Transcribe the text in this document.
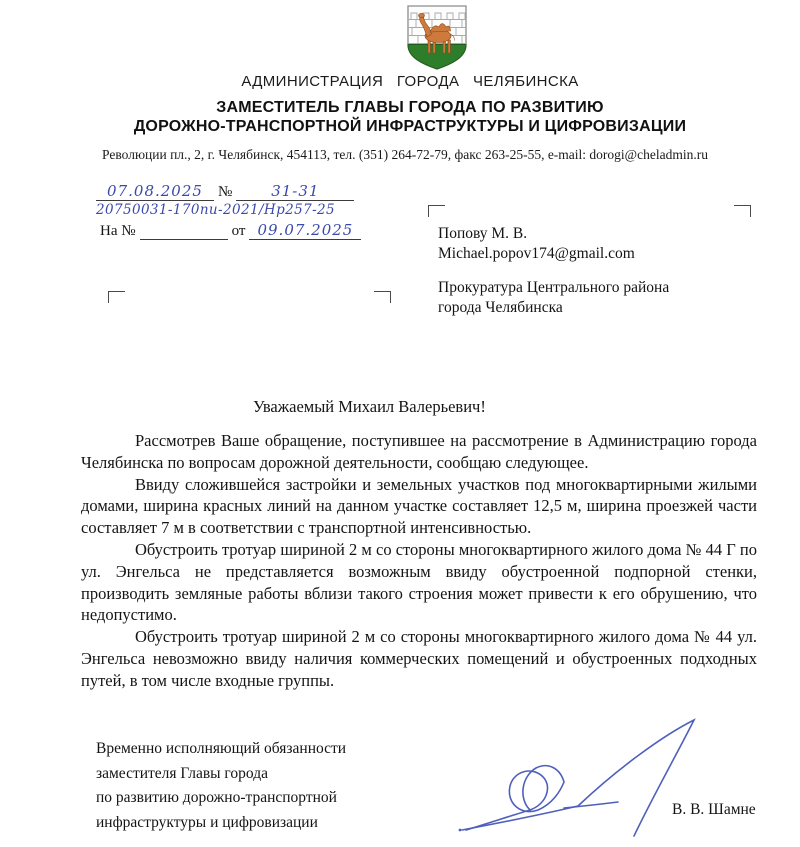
АДМИНИСТРАЦИЯ ГОРОДА ЧЕЛЯБИНСКА
ЗАМЕСТИТЕЛЬ ГЛАВЫ ГОРОДА ПО РАЗВИТИЮ
ДОРОЖНО-ТРАНСПОРТНОЙ ИНФРАСТРУКТУРЫ И ЦИФРОВИЗАЦИИ
Революции пл., 2, г. Челябинск, 454113, тел. (351) 264-72-79, факс 263-25-55, e-mail: dorogi@cheladmin.ru
07.08.2025	№	31-31
20750031-170пи-2021/Нр257-25
На №	от 09.07.2025	Попову М. В.
Michael.popov174@gmail.com
Прокуратура Центрального района
города Челябинска
Уважаемый Михаил Валерьевич!

Рассмотрев Ваше обращение, поступившее на рассмотрение в Администрацию города Челябинска по вопросам дорожной деятельности, сообщаю следующее.

Ввиду сложившейся застройки и земельных участков под многоквартирными жилыми домами, ширина красных линий на данном участке составляет 12,5 м, ширина проезжей части составляет 7 м в соответствии с транспортной интенсивностью.

Обустроить тротуар шириной 2 м со стороны многоквартирного жилого дома № 44 Г по ул. Энгельса не представляется возможным ввиду обустроенной подпорной стенки, производить земляные работы вблизи такого строения может привести к его обрушению, что недопустимо.

Обустроить тротуар шириной 2 м со стороны многоквартирного жилого дома № 44 ул. Энгельса невозможно ввиду наличия коммерческих помещений и обустроенных подходных путей, в том числе входные группы.

Временно исполняющий обязанности
заместителя Главы города
по развитию дорожно-транспортной
инфраструктуры и цифровизации
В. В. Шамне
